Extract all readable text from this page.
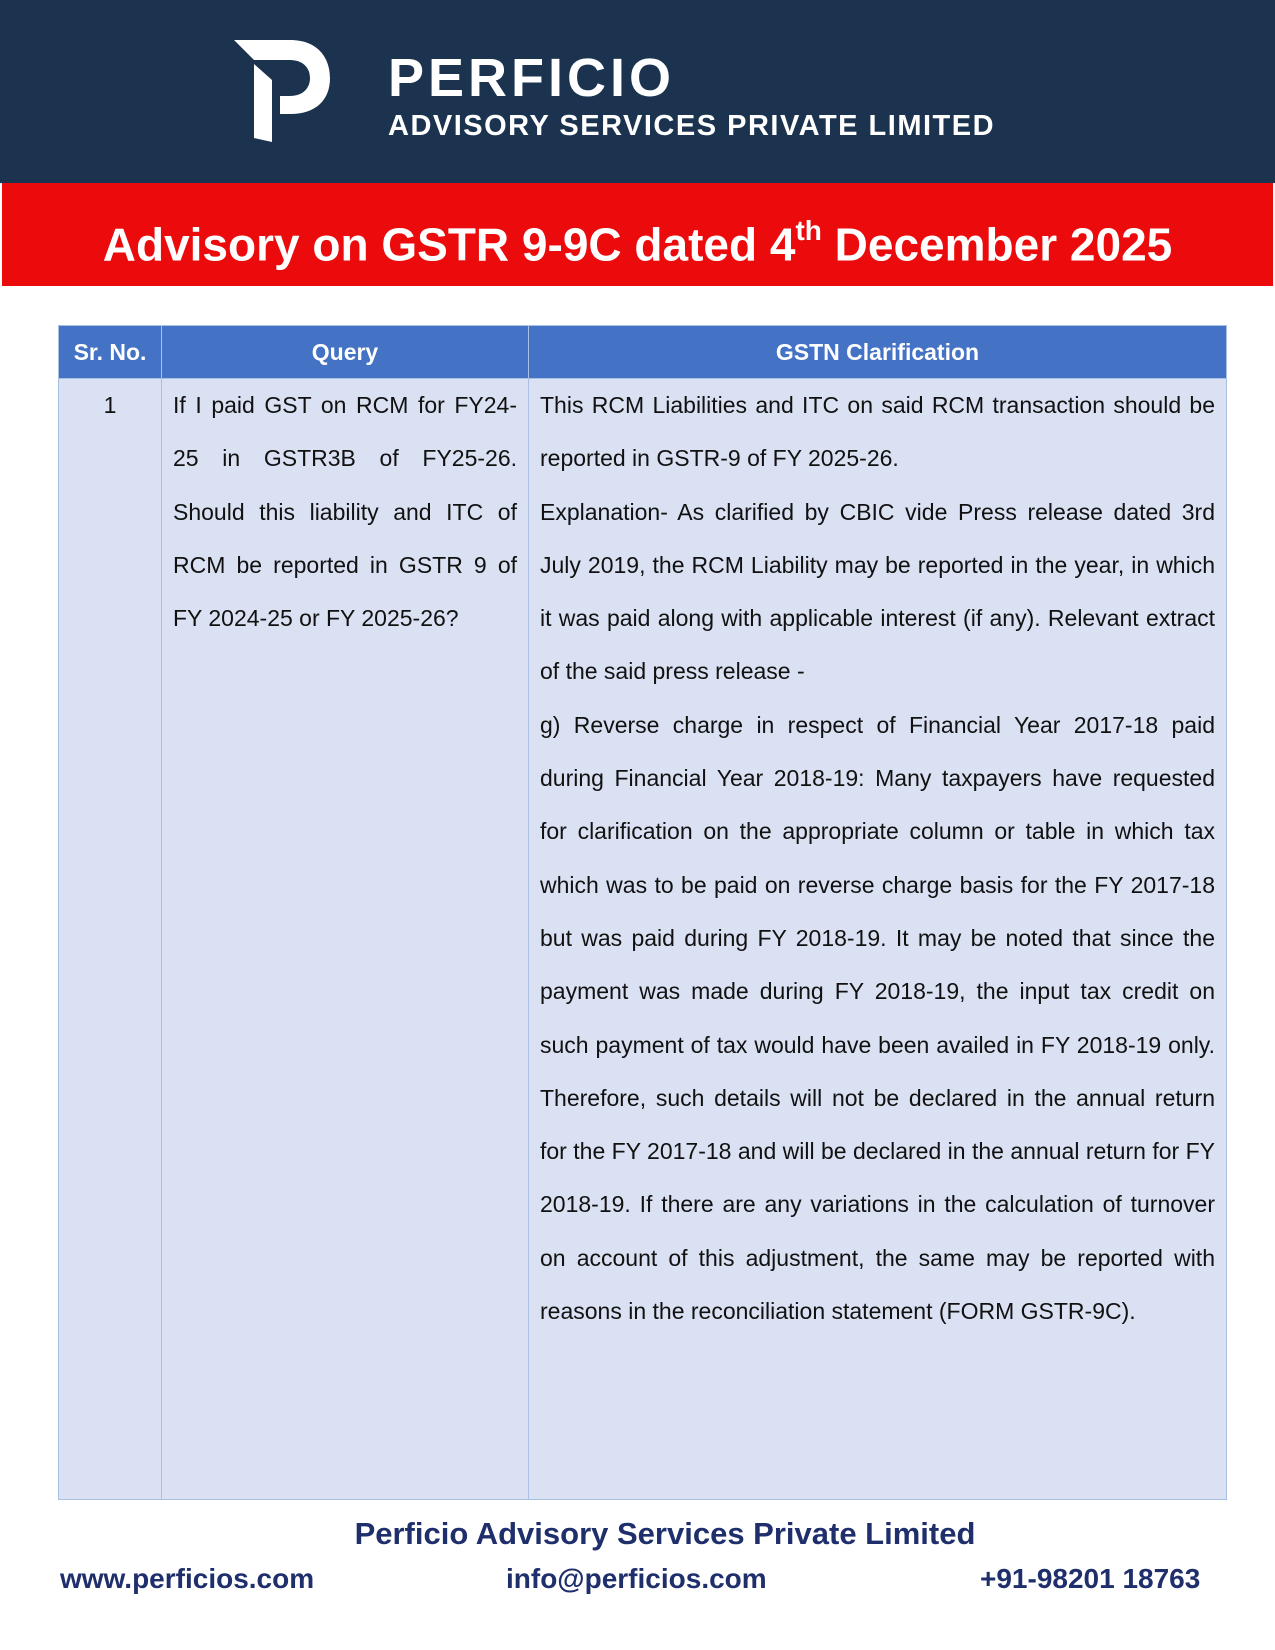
PERFICIO
ADVISORY SERVICES PRIVATE LIMITED
Advisory on GSTR 9-9C dated 4th December 2025
Sr. No.	Query	GSTN Clarification
1	If I paid GST on RCM for FY24-25 in GSTR3B of FY25-26. Should this liability and ITC of RCM be reported in GSTR 9 of FY 2024-25 or FY 2025-26?	This RCM Liabilities and ITC on said RCM transaction should be reported in GSTR-9 of FY 2025-26.

Explanation- As clarified by CBIC vide Press release dated 3rd July 2019, the RCM Liability may be reported in the year, in which it was paid along with applicable interest (if any). Relevant extract of the said press release -

g) Reverse charge in respect of Financial Year 2017-18 paid during Financial Year 2018-19: Many taxpayers have requested for clarification on the appropriate column or table in which tax which was to be paid on reverse charge basis for the FY 2017-18 but was paid during FY 2018-19. It may be noted that since the payment was made during FY 2018-19, the input tax credit on such payment of tax would have been availed in FY 2018-19 only. Therefore, such details will not be declared in the annual return for the FY 2017-18 and will be declared in the annual return for FY 2018-19. If there are any variations in the calculation of turnover on account of this adjustment, the same may be reported with reasons in the reconciliation statement (FORM GSTR-9C).

Perficio Advisory Services Private Limited
www.perficios.com	info@perficios.com	+91-98201 18763
